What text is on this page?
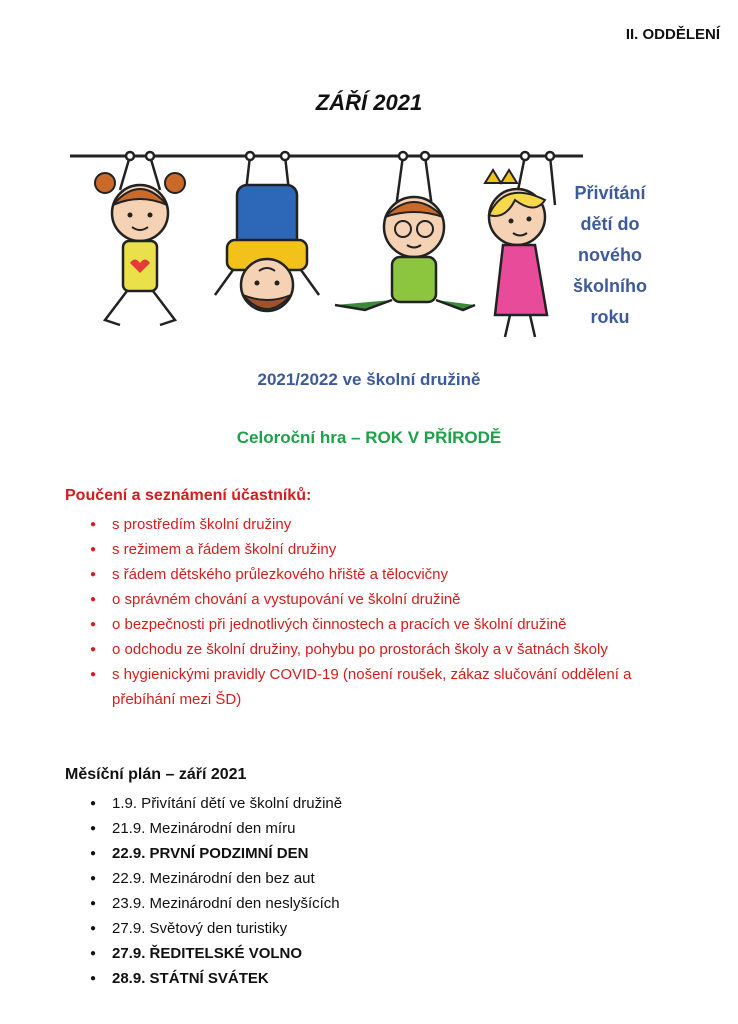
II. ODDĚLENÍ
ZÁŘÍ 2021
Přivítání
dětí do
nového
školního
roku
2021/2022 ve školní družině
Celoroční hra – ROK V PŘÍRODĚ
Poučení a seznámení účastníků:
● s prostředím školní družiny
● s režimem a řádem školní družiny
● s řádem dětského průlezkového hřiště a tělocvičny
● o správném chování a vystupování ve školní družině
● o bezpečnosti při jednotlivých činnostech a pracích ve školní družině
● o odchodu ze školní družiny, pohybu po prostorách školy a v šatnách školy
● s hygienickými pravidly COVID-19 (nošení roušek, zákaz slučování oddělení a přebíhání mezi ŠD)
Měsíční plán – září 2021
● 1.9. Přivítání dětí ve školní družině
● 21.9. Mezinárodní den míru
● 22.9. PRVNÍ PODZIMNÍ DEN
● 22.9. Mezinárodní den bez aut
● 23.9. Mezinárodní den neslyšících
● 27.9. Světový den turistiky
● 27.9. ŘEDITELSKÉ VOLNO
● 28.9. STÁTNÍ SVÁTEK
